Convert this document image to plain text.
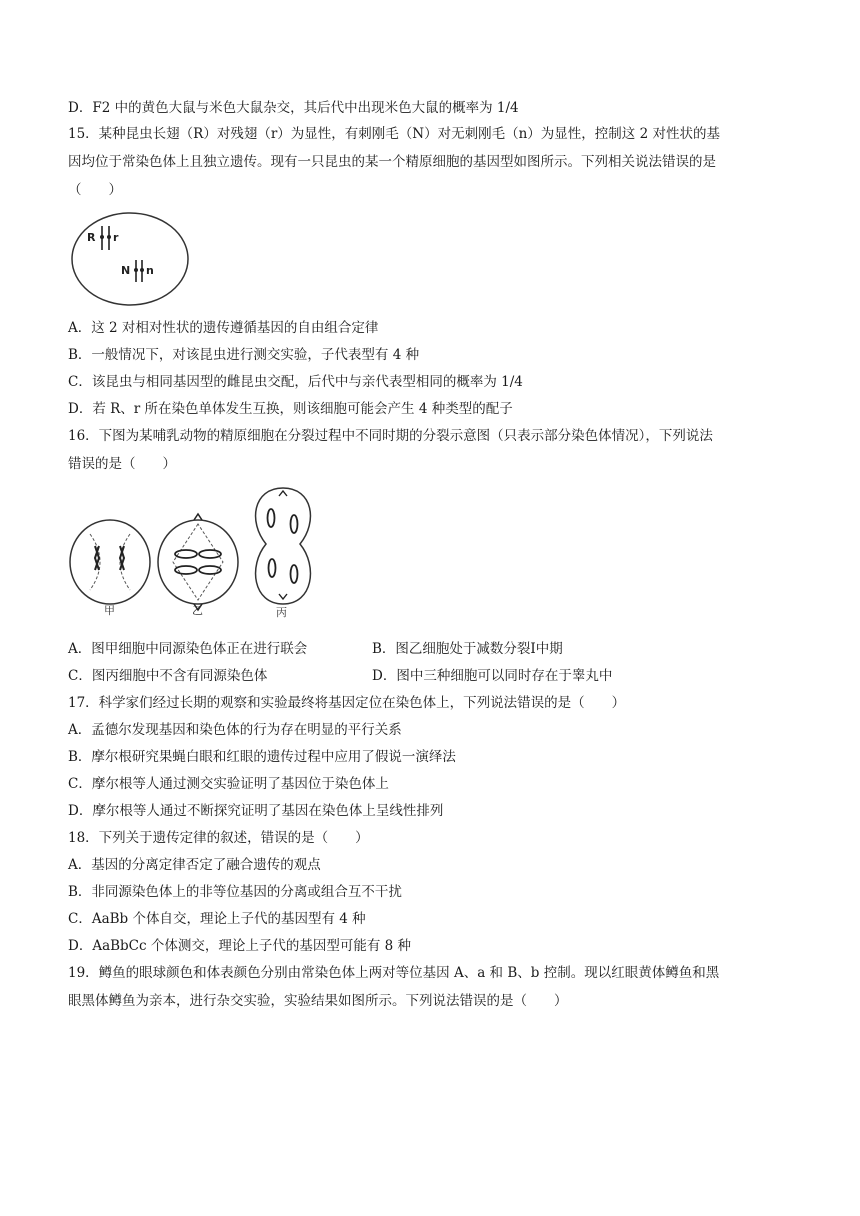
D．F2 中的黄色大鼠与米色大鼠杂交，其后代中出现米色大鼠的概率为 1/4
15．某种昆虫长翅（R）对残翅（r）为显性，有刺刚毛（N）对无刺刚毛（n）为显性，控制这 2 对性状的基
因均位于常染色体上且独立遗传。现有一只昆虫的某一个精原细胞的基因型如图所示。下列相关说法错误的是
（　　）
R r
N n
A．这 2 对相对性状的遗传遵循基因的自由组合定律
B．一般情况下，对该昆虫进行测交实验，子代表型有 4 种
C．该昆虫与相同基因型的雌昆虫交配，后代中与亲代表型相同的概率为 1/4
D．若 R、r 所在染色单体发生互换，则该细胞可能会产生 4 种类型的配子
16．下图为某哺乳动物的精原细胞在分裂过程中不同时期的分裂示意图（只表示部分染色体情况），下列说法
错误的是（　　）
甲	乙	丙
A．图甲细胞中同源染色体正在进行联会	B．图乙细胞处于减数分裂Ⅰ中期
C．图丙细胞中不含有同源染色体	D．图中三种细胞可以同时存在于睾丸中
17．科学家们经过长期的观察和实验最终将基因定位在染色体上，下列说法错误的是（　　）
A．孟德尔发现基因和染色体的行为存在明显的平行关系
B．摩尔根研究果蝇白眼和红眼的遗传过程中应用了假说一演绎法
C．摩尔根等人通过测交实验证明了基因位于染色体上
D．摩尔根等人通过不断探究证明了基因在染色体上呈线性排列
18．下列关于遗传定律的叙述，错误的是（　　）
A．基因的分离定律否定了融合遗传的观点
B．非同源染色体上的非等位基因的分离或组合互不干扰
C．AaBb 个体自交，理论上子代的基因型有 4 种
D．AaBbCc 个体测交，理论上子代的基因型可能有 8 种
19．鳟鱼的眼球颜色和体表颜色分别由常染色体上两对等位基因 A、a 和 B、b 控制。现以红眼黄体鳟鱼和黑
眼黑体鳟鱼为亲本，进行杂交实验，实验结果如图所示。下列说法错误的是（　　）
